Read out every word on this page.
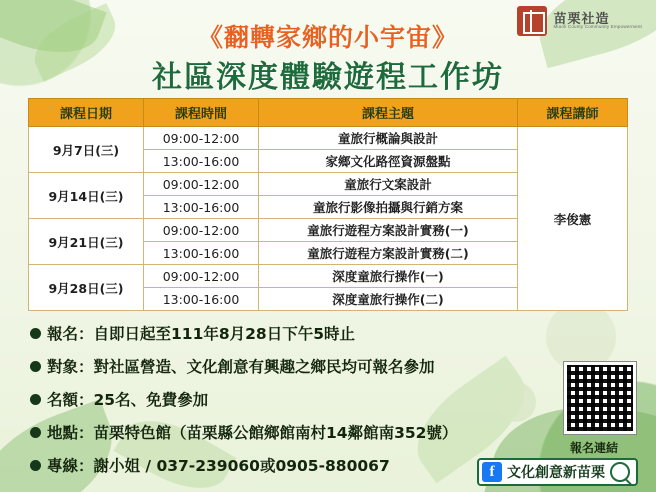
苗栗社造
Miaoli County Community Empowerment
《翻轉家鄉的小宇宙》
社區深度體驗遊程工作坊
課程日期	課程時間	課程主題	課程講師
9月7日(三)	09:00-12:00	童旅行概論與設計	李俊憲
	13:00-16:00	家鄉文化路徑資源盤點	
9月14日(三)	09:00-12:00	童旅行文案設計	
	13:00-16:00	童旅行影像拍攝與行銷方案	
9月21日(三)	09:00-12:00	童旅行遊程方案設計實務(一)	
	13:00-16:00	童旅行遊程方案設計實務(二)	
9月28日(三)	09:00-12:00	深度童旅行操作(一)	
	13:00-16:00	深度童旅行操作(二)	
報名：自即日起至111年8月28日下午5時止
對象：對社區營造、文化創意有興趣之鄉民均可報名參加
名額：25名、免費參加
地點：苗栗特色館（苗栗縣公館鄉館南村14鄰館南352號）
專線：謝小姐 / 037-239060或0905-880067
報名連結
f 文化創意新苗栗
